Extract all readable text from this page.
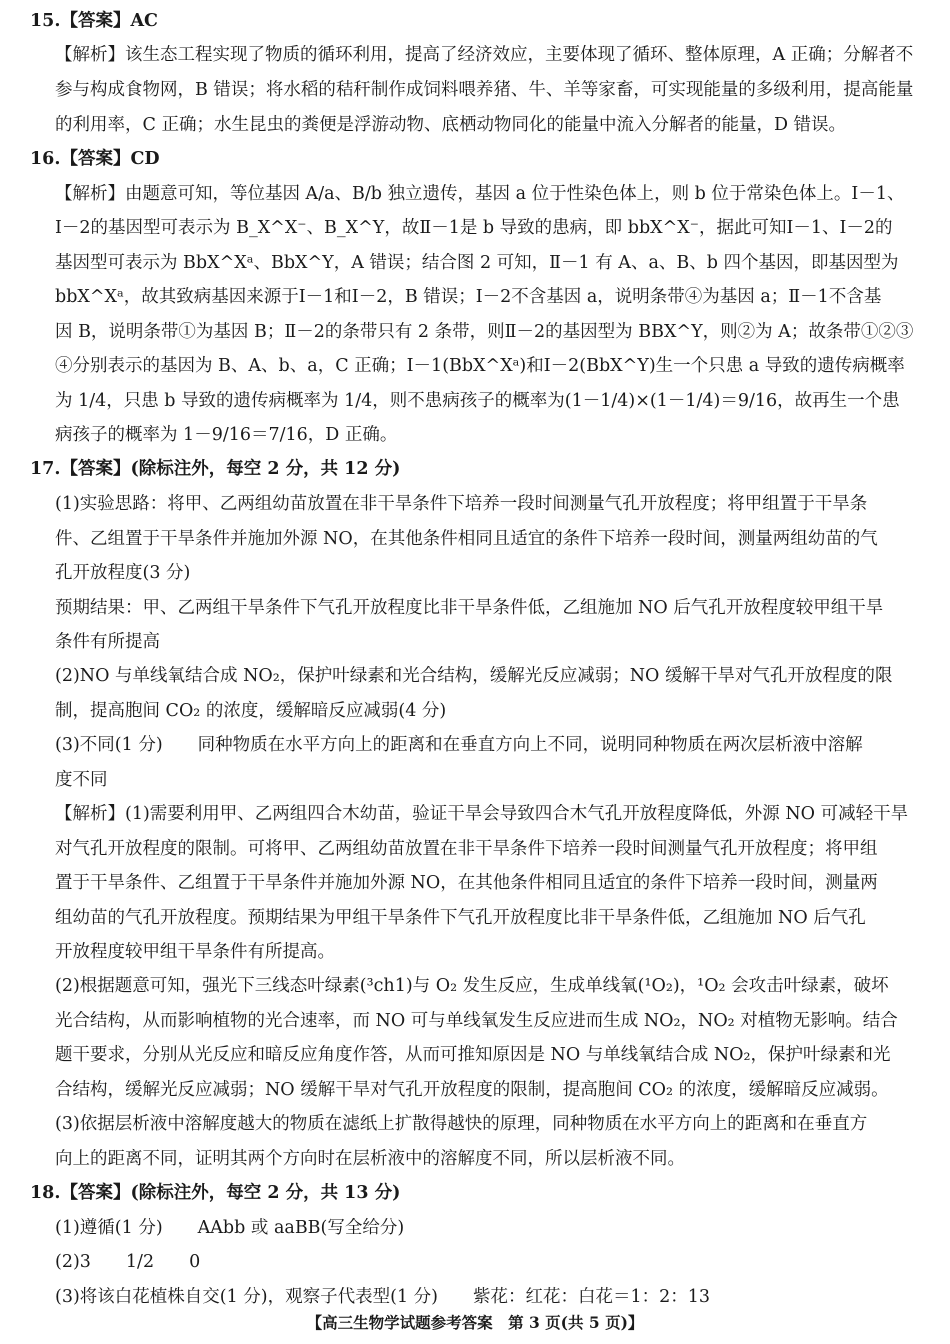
15.【答案】AC
【解析】该生态工程实现了物质的循环利用，提高了经济效应，主要体现了循环、整体原理，A 正确；分解者不
参与构成食物网，B 错误；将水稻的秸秆制作成饲料喂养猪、牛、羊等家畜，可实现能量的多级利用，提高能量
的利用率，C 正确；水生昆虫的粪便是浮游动物、底栖动物同化的能量中流入分解者的能量，D 错误。
16.【答案】CD
【解析】由题意可知，等位基因 A/a、B/b 独立遗传，基因 a 位于性染色体上，则 b 位于常染色体上。Ⅰ－1、
Ⅰ－2的基因型可表示为 B_X^X⁻、B_X^Y，故Ⅱ－1是 b 导致的患病，即 bbX^X⁻，据此可知Ⅰ－1、Ⅰ－2的
基因型可表示为 BbX^Xᵃ、BbX^Y，A 错误；结合图 2 可知，Ⅱ－1 有 A、a、B、b 四个基因，即基因型为
bbX^Xᵃ，故其致病基因来源于Ⅰ－1和Ⅰ－2，B 错误；Ⅰ－2不含基因 a，说明条带④为基因 a；Ⅱ－1不含基
因 B，说明条带①为基因 B；Ⅱ－2的条带只有 2 条带，则Ⅱ－2的基因型为 BBX^Y，则②为 A；故条带①②③
④分别表示的基因为 B、A、b、a，C 正确；Ⅰ－1(BbX^Xᵃ)和Ⅰ－2(BbX^Y)生一个只患 a 导致的遗传病概率
为 1/4，只患 b 导致的遗传病概率为 1/4，则不患病孩子的概率为(1－1/4)×(1－1/4)＝9/16，故再生一个患
病孩子的概率为 1－9/16＝7/16，D 正确。
17.【答案】(除标注外，每空 2 分，共 12 分)
(1)实验思路：将甲、乙两组幼苗放置在非干旱条件下培养一段时间测量气孔开放程度；将甲组置于干旱条
件、乙组置于干旱条件并施加外源 NO，在其他条件相同且适宜的条件下培养一段时间，测量两组幼苗的气
孔开放程度(3 分)
预期结果：甲、乙两组干旱条件下气孔开放程度比非干旱条件低，乙组施加 NO 后气孔开放程度较甲组干旱
条件有所提高
(2)NO 与单线氧结合成 NO₂，保护叶绿素和光合结构，缓解光反应减弱；NO 缓解干旱对气孔开放程度的限
制，提高胞间 CO₂ 的浓度，缓解暗反应减弱(4 分)
(3)不同(1 分)　　同种物质在水平方向上的距离和在垂直方向上不同，说明同种物质在两次层析液中溶解
度不同
【解析】(1)需要利用甲、乙两组四合木幼苗，验证干旱会导致四合木气孔开放程度降低，外源 NO 可减轻干旱
对气孔开放程度的限制。可将甲、乙两组幼苗放置在非干旱条件下培养一段时间测量气孔开放程度；将甲组
置于干旱条件、乙组置于干旱条件并施加外源 NO，在其他条件相同且适宜的条件下培养一段时间，测量两
组幼苗的气孔开放程度。预期结果为甲组干旱条件下气孔开放程度比非干旱条件低，乙组施加 NO 后气孔
开放程度较甲组干旱条件有所提高。
(2)根据题意可知，强光下三线态叶绿素(³ch1)与 O₂ 发生反应，生成单线氧(¹O₂)，¹O₂ 会攻击叶绿素，破坏
光合结构，从而影响植物的光合速率，而 NO 可与单线氧发生反应进而生成 NO₂，NO₂ 对植物无影响。结合
题干要求，分别从光反应和暗反应角度作答，从而可推知原因是 NO 与单线氧结合成 NO₂，保护叶绿素和光
合结构，缓解光反应减弱；NO 缓解干旱对气孔开放程度的限制，提高胞间 CO₂ 的浓度，缓解暗反应减弱。
(3)依据层析液中溶解度越大的物质在滤纸上扩散得越快的原理，同种物质在水平方向上的距离和在垂直方
向上的距离不同，证明其两个方向时在层析液中的溶解度不同，所以层析液不同。
18.【答案】(除标注外，每空 2 分，共 13 分)
(1)遵循(1 分)　　AAbb 或 aaBB(写全给分)
(2)3　　1/2　　0
(3)将该白花植株自交(1 分)，观察子代表型(1 分)　　紫花：红花：白花＝1：2：13
【高三生物学试题参考答案　第 3 页(共 5 页)】
